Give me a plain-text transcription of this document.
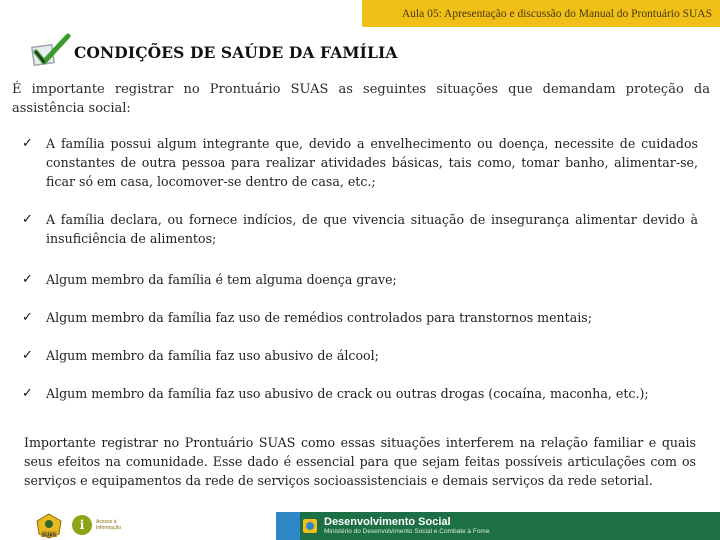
Aula 05: Apresentação e discussão do Manual do Prontuário SUAS
CONDIÇÕES DE SAÚDE DA FAMÍLIA
É importante registrar no Prontuário SUAS as seguintes situações que demandam proteção da assistência social:
✓	A família possui algum integrante que, devido a envelhecimento ou doença, necessite de cuidados constantes de outra pessoa para realizar atividades básicas, tais como, tomar banho, alimentar-se, ficar só em casa, locomover-se dentro de casa, etc.;
✓	A família declara, ou fornece indícios, de que vivencia situação de insegurança alimentar devido à insuficiência de alimentos;
✓	Algum membro da família é tem alguma doença grave;
✓	Algum membro da família faz uso de remédios controlados para transtornos mentais;
✓	Algum membro da família faz uso abusivo de álcool;
✓	Algum membro da família faz uso abusivo de crack ou outras drogas (cocaína, maconha, etc.);
Importante registrar no Prontuário SUAS como essas situações interferem na relação familiar e quais seus efeitos na comunidade. Esse dado é essencial para que sejam feitas possíveis articulações com os serviços e equipamentos da rede de serviços socioassistenciais e demais serviços da rede setorial.
SUAS
i	Acesso à Informação	Desenvolvimento Social
Ministério do Desenvolvimento Social e Combate à Fome
